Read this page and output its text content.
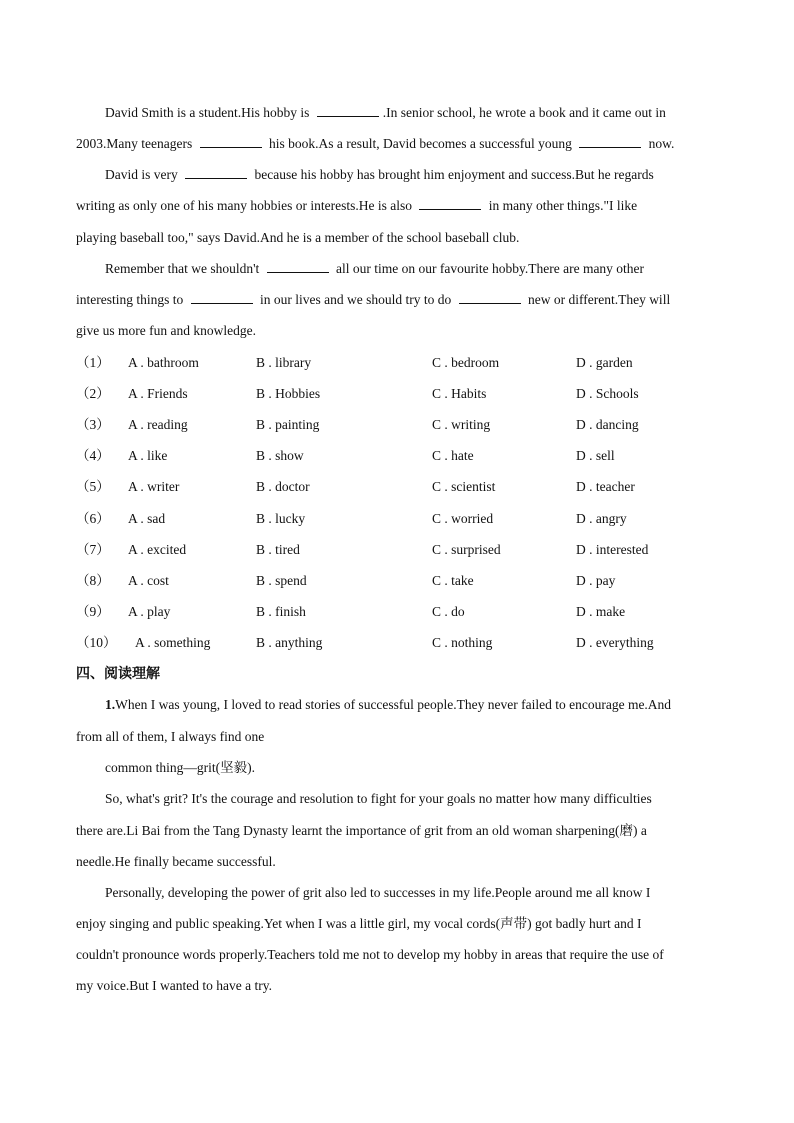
David Smith is a student.His hobby is	.In senior school, he wrote a book and it came out in
2003.Many teenagers	his book.As a result, David becomes a successful young	now.
David is very	because his hobby has brought him enjoyment and success.But he regards
writing as only one of his many hobbies or interests.He is also	in many other things."I like
playing baseball too," says David.And he is a member of the school baseball club.
Remember that we shouldn't	all our time on our favourite hobby.There are many other
interesting things to	in our lives and we should try to do	new or different.They will
give us more fun and knowledge.
（1） A . bathroom	B . library	C . bedroom	D . garden
（2） A . Friends	B . Hobbies	C . Habits	D . Schools
（3） A . reading	B . painting	C . writing	D . dancing
（4） A . like	B . show	C . hate	D . sell
（5） A . writer	B . doctor	C . scientist	D . teacher
（6） A . sad	B . lucky	C . worried	D . angry
（7） A . excited	B . tired	C . surprised	D . interested
（8） A . cost	B . spend	C . take	D . pay
（9） A . play	B . finish	C . do	D . make
（10） A . something	B . anything	C . nothing	D . everything
四、阅读理解
1.When I was young, I loved to read stories of successful people.They never failed to encourage me.And
from all of them, I always find one
common thing—grit(坚毅).
So, what's grit? It's the courage and resolution to fight for your goals no matter how many difficulties
there are.Li Bai from the Tang Dynasty learnt the importance of grit from an old woman sharpening(磨) a
needle.He finally became successful.
Personally, developing the power of grit also led to successes in my life.People around me all know I
enjoy singing and public speaking.Yet when I was a little girl, my vocal cords(声带) got badly hurt and I
couldn't pronounce words properly.Teachers told me not to develop my hobby in areas that require the use of
my voice.But I wanted to have a try.
